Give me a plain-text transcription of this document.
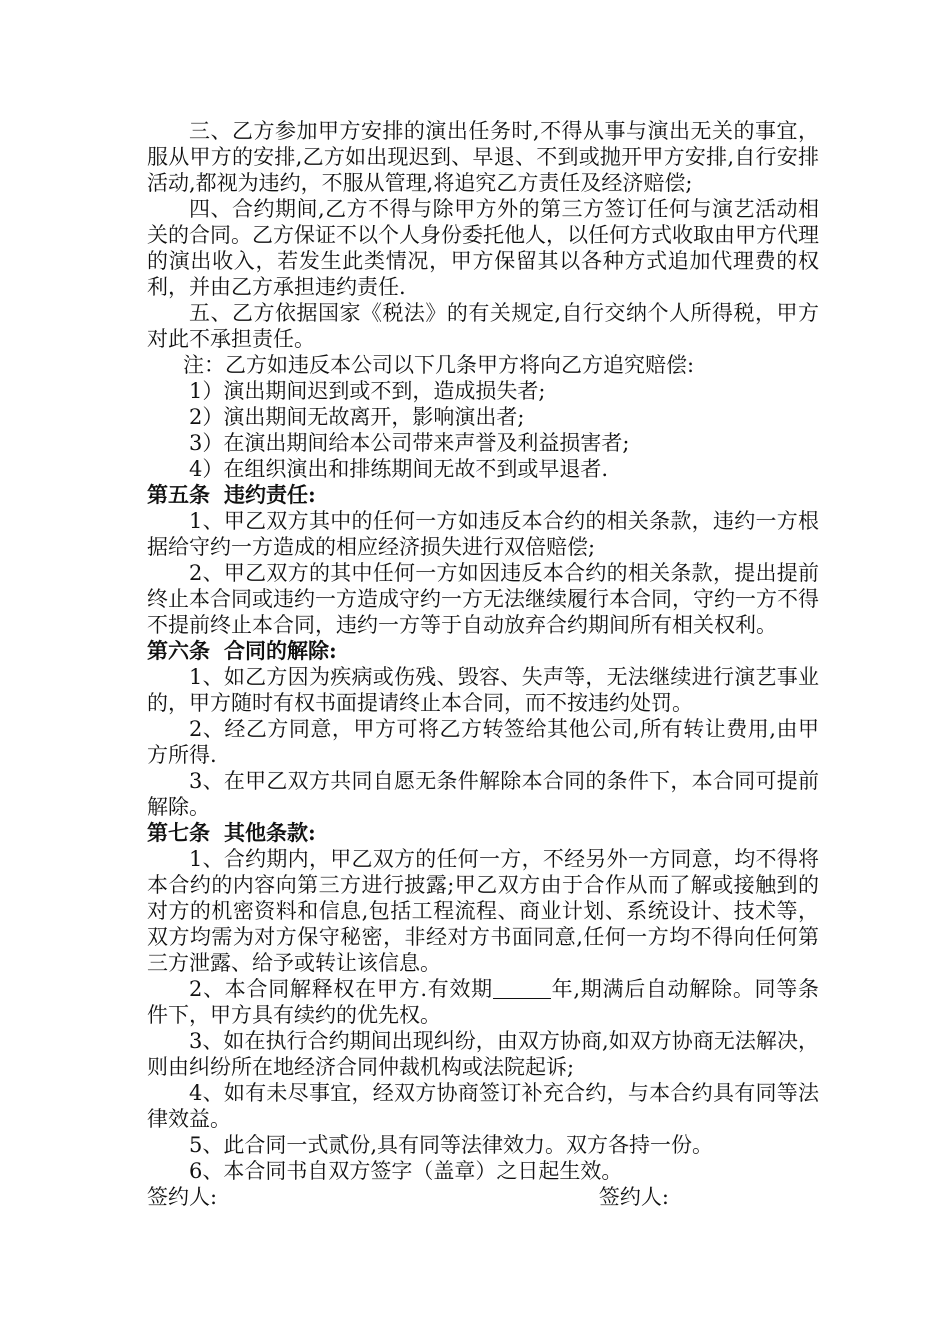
三、乙方参加甲方安排的演出任务时,不得从事与演出无关的事宜，服从甲方的安排,乙方如出现迟到、早退、不到或抛开甲方安排,自行安排活动,都视为违约，不服从管理,将追究乙方责任及经济赔偿;

四、合约期间,乙方不得与除甲方外的第三方签订任何与演艺活动相关的合同。乙方保证不以个人身份委托他人，以任何方式收取由甲方代理的演出收入，若发生此类情况，甲方保留其以各种方式追加代理费的权利，并由乙方承担违约责任.

五、乙方依据国家《税法》的有关规定,自行交纳个人所得税，甲方对此不承担责任。

注：乙方如违反本公司以下几条甲方将向乙方追究赔偿:

1）演出期间迟到或不到，造成损失者;

2）演出期间无故离开，影响演出者;

3）在演出期间给本公司带来声誉及利益损害者;

4）在组织演出和排练期间无故不到或早退者.

第五条 违约责任:

1、甲乙双方其中的任何一方如违反本合约的相关条款，违约一方根据给守约一方造成的相应经济损失进行双倍赔偿;

2、甲乙双方的其中任何一方如因违反本合约的相关条款，提出提前终止本合同或违约一方造成守约一方无法继续履行本合同，守约一方不得不提前终止本合同，违约一方等于自动放弃合约期间所有相关权利。

第六条 合同的解除:

1、如乙方因为疾病或伤残、毁容、失声等，无法继续进行演艺事业的，甲方随时有权书面提请终止本合同，而不按违约处罚。

2、经乙方同意，甲方可将乙方转签给其他公司,所有转让费用,由甲方所得.

3、在甲乙双方共同自愿无条件解除本合同的条件下，本合同可提前解除。

第七条 其他条款:

1、合约期内，甲乙双方的任何一方，不经另外一方同意，均不得将本合约的内容向第三方进行披露;甲乙双方由于合作从而了解或接触到的对方的机密资料和信息,包括工程流程、商业计划、系统设计、技术等，双方均需为对方保守秘密，非经对方书面同意,任何一方均不得向任何第三方泄露、给予或转让该信息。

2、本合同解释权在甲方.有效期	年,期满后自动解除。同等条件下，甲方具有续约的优先权。

3、如在执行合约期间出现纠纷，由双方协商,如双方协商无法解决，则由纠纷所在地经济合同仲裁机构或法院起诉;

4、如有未尽事宜，经双方协商签订补充合约，与本合约具有同等法律效益。

5、此合同一式贰份,具有同等法律效力。双方各持一份。

6、本合同书自双方签字（盖章）之日起生效。

签约人:	签约人:
